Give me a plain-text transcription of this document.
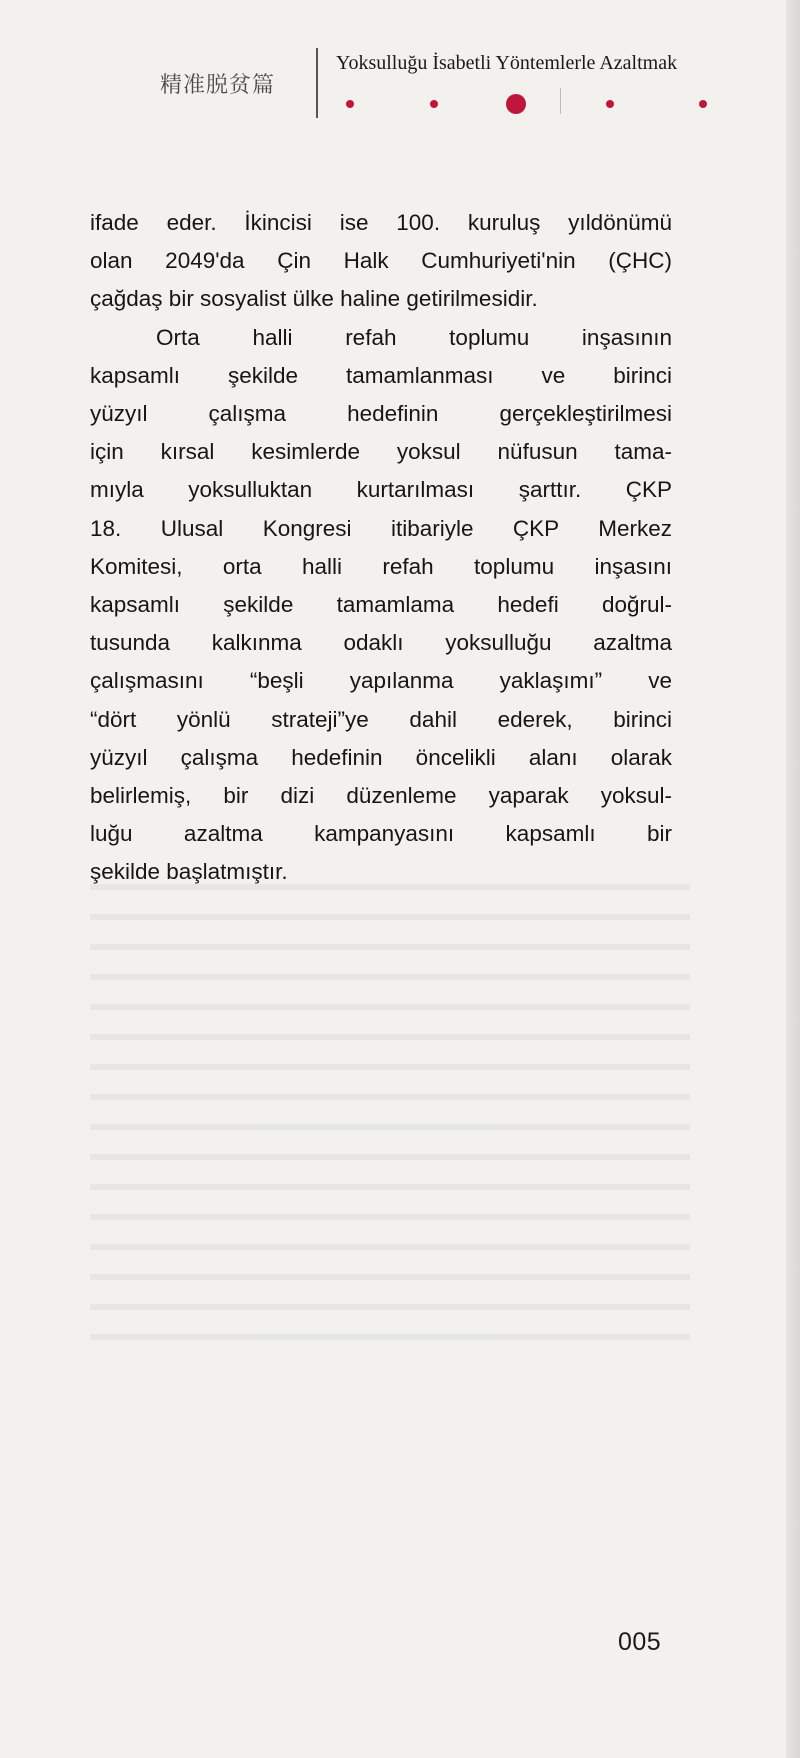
精准脱贫篇
Yoksulluğu İsabetli Yöntemlerle Azaltmak

ifade eder. İkincisi ise 100. kuruluş yıldönümü

olan 2049'da Çin Halk Cumhuriyeti'nin (ÇHC)

çağdaş bir sosyalist ülke haline getirilmesidir.

Orta halli refah toplumu inşasının

kapsamlı şekilde tamamlanması ve birinci

yüzyıl çalışma hedefinin gerçekleştirilmesi

için kırsal kesimlerde yoksul nüfusun tama-

mıyla yoksulluktan kurtarılması şarttır. ÇKP

18. Ulusal Kongresi itibariyle ÇKP Merkez

Komitesi, orta halli refah toplumu inşasını

kapsamlı şekilde tamamlama hedefi doğrul-

tusunda kalkınma odaklı yoksulluğu azaltma

çalışmasını “beşli yapılanma yaklaşımı” ve

“dört yönlü strateji”ye dahil ederek, birinci

yüzyıl çalışma hedefinin öncelikli alanı olarak

belirlemiş, bir dizi düzenleme yaparak yoksul-

luğu azaltma kampanyasını kapsamlı bir

şekilde başlatmıştır.

005
